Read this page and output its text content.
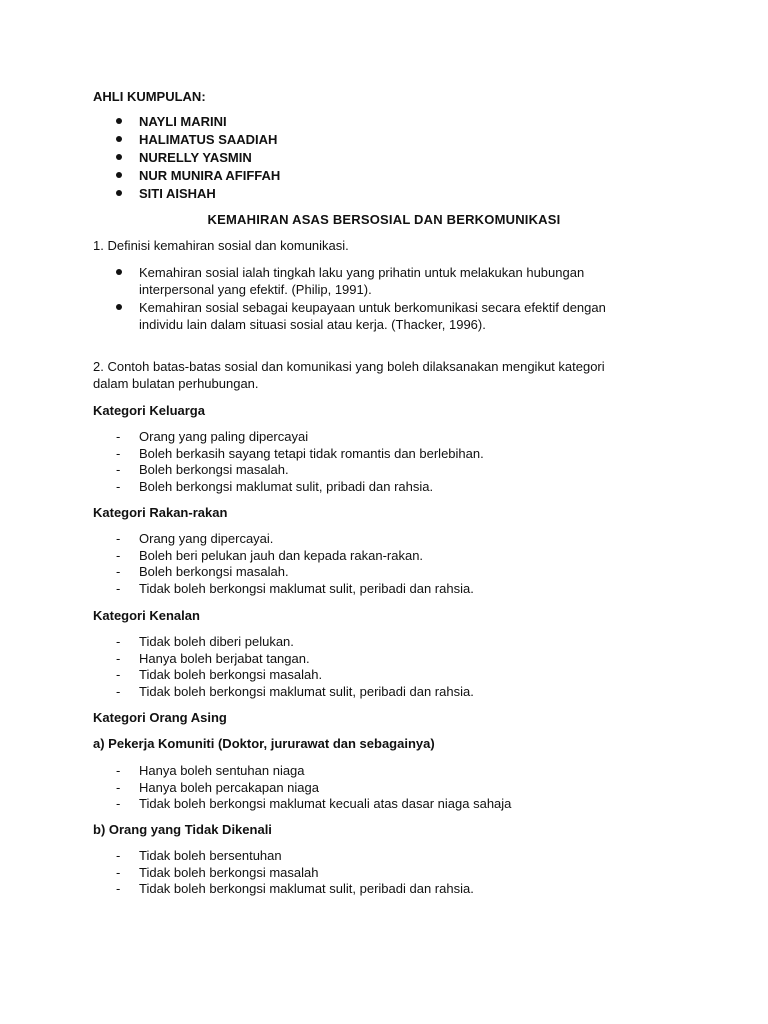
AHLI KUMPULAN:
NAYLI MARINI
HALIMATUS SAADIAH
NURELLY YASMIN
NUR MUNIRA AFIFFAH
SITI AISHAH
KEMAHIRAN ASAS BERSOSIAL DAN BERKOMUNIKASI
1. Definisi kemahiran sosial dan komunikasi.
Kemahiran sosial ialah tingkah laku yang prihatin untuk melakukan hubungan
interpersonal yang efektif. (Philip, 1991).
Kemahiran sosial sebagai keupayaan untuk berkomunikasi secara efektif dengan
individu lain dalam situasi sosial atau kerja. (Thacker, 1996).
2. Contoh batas-batas sosial dan komunikasi yang boleh dilaksanakan mengikut kategori
dalam bulatan perhubungan.
Kategori Keluarga
- Orang yang paling dipercayai
- Boleh berkasih sayang tetapi tidak romantis dan berlebihan.
- Boleh berkongsi masalah.
- Boleh berkongsi maklumat sulit, pribadi dan rahsia.
Kategori Rakan-rakan
- Orang yang dipercayai.
- Boleh beri pelukan jauh dan kepada rakan-rakan.
- Boleh berkongsi masalah.
- Tidak boleh berkongsi maklumat sulit, peribadi dan rahsia.
Kategori Kenalan
- Tidak boleh diberi pelukan.
- Hanya boleh berjabat tangan.
- Tidak boleh berkongsi masalah.
- Tidak boleh berkongsi maklumat sulit, peribadi dan rahsia.
Kategori Orang Asing
a) Pekerja Komuniti (Doktor, jururawat dan sebagainya)
- Hanya boleh sentuhan niaga
- Hanya boleh percakapan niaga
- Tidak boleh berkongsi maklumat kecuali atas dasar niaga sahaja
b) Orang yang Tidak Dikenali
- Tidak boleh bersentuhan
- Tidak boleh berkongsi masalah
- Tidak boleh berkongsi maklumat sulit, peribadi dan rahsia.
